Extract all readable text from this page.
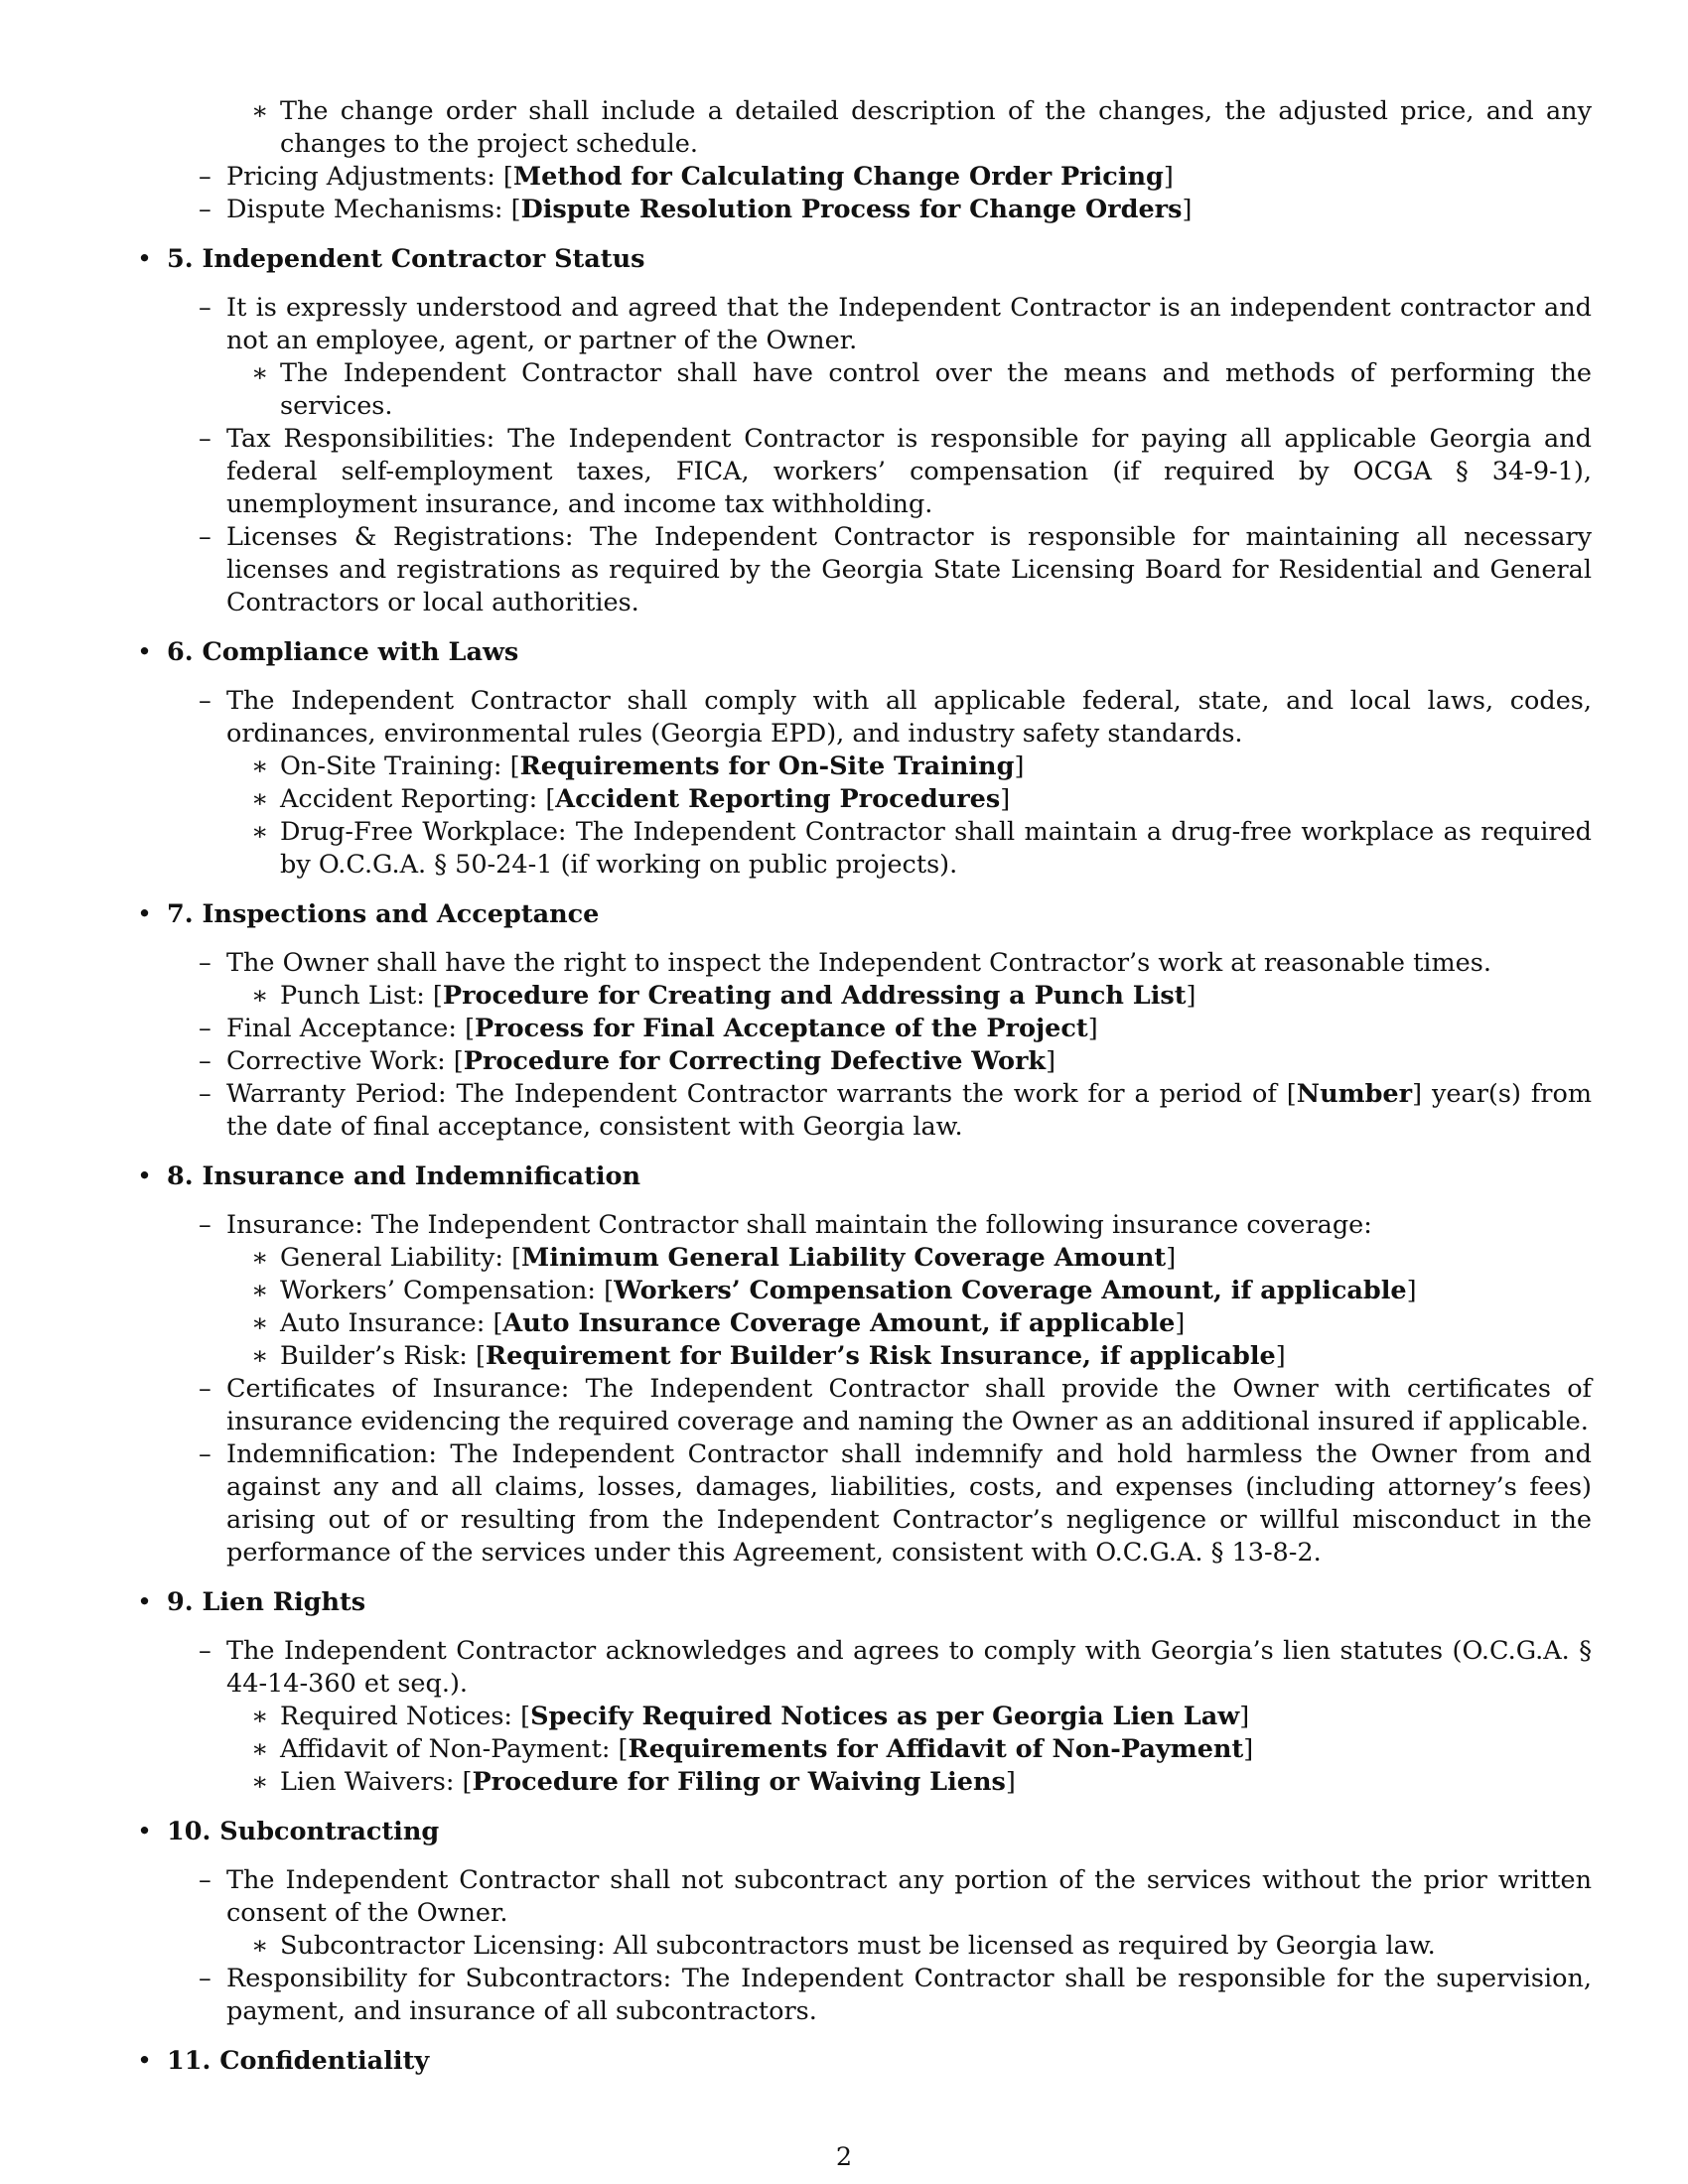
∗ The change order shall include a detailed description of the changes, the adjusted price, and any changes to the project schedule.
– Pricing Adjustments: [Method for Calculating Change Order Pricing]
– Dispute Mechanisms: [Dispute Resolution Process for Change Orders]
• 5. Independent Contractor Status
– It is expressly understood and agreed that the Independent Contractor is an independent contractor and not an employee, agent, or partner of the Owner.
∗ The Independent Contractor shall have control over the means and methods of performing the services.
– Tax Responsibilities: The Independent Contractor is responsible for paying all applicable Georgia and federal self-employment taxes, FICA, workers’ compensation (if required by OCGA § 34-9-1), unemployment insurance, and income tax withholding.
– Licenses & Registrations: The Independent Contractor is responsible for maintaining all necessary licenses and registrations as required by the Georgia State Licensing Board for Residential and General Contractors or local authorities.
• 6. Compliance with Laws
– The Independent Contractor shall comply with all applicable federal, state, and local laws, codes, ordinances, environmental rules (Georgia EPD), and industry safety standards.
∗ On-Site Training: [Requirements for On-Site Training]
∗ Accident Reporting: [Accident Reporting Procedures]
∗ Drug-Free Workplace: The Independent Contractor shall maintain a drug-free workplace as required by O.C.G.A. § 50-24-1 (if working on public projects).
• 7. Inspections and Acceptance
– The Owner shall have the right to inspect the Independent Contractor’s work at reasonable times.
∗ Punch List: [Procedure for Creating and Addressing a Punch List]
– Final Acceptance: [Process for Final Acceptance of the Project]
– Corrective Work: [Procedure for Correcting Defective Work]
– Warranty Period: The Independent Contractor warrants the work for a period of [Number] year(s) from the date of final acceptance, consistent with Georgia law.
• 8. Insurance and Indemnification
– Insurance: The Independent Contractor shall maintain the following insurance coverage:
∗ General Liability: [Minimum General Liability Coverage Amount]
∗ Workers’ Compensation: [Workers’ Compensation Coverage Amount, if applicable]
∗ Auto Insurance: [Auto Insurance Coverage Amount, if applicable]
∗ Builder’s Risk: [Requirement for Builder’s Risk Insurance, if applicable]
– Certificates of Insurance: The Independent Contractor shall provide the Owner with certificates of insurance evidencing the required coverage and naming the Owner as an additional insured if applicable.
– Indemnification: The Independent Contractor shall indemnify and hold harmless the Owner from and against any and all claims, losses, damages, liabilities, costs, and expenses (including attorney’s fees) arising out of or resulting from the Independent Contractor’s negligence or willful misconduct in the performance of the services under this Agreement, consistent with O.C.G.A. § 13-8-2.
• 9. Lien Rights
– The Independent Contractor acknowledges and agrees to comply with Georgia’s lien statutes (O.C.G.A. § 44-14-360 et seq.).
∗ Required Notices: [Specify Required Notices as per Georgia Lien Law]
∗ Affidavit of Non-Payment: [Requirements for Affidavit of Non-Payment]
∗ Lien Waivers: [Procedure for Filing or Waiving Liens]
• 10. Subcontracting
– The Independent Contractor shall not subcontract any portion of the services without the prior written consent of the Owner.
∗ Subcontractor Licensing: All subcontractors must be licensed as required by Georgia law.
– Responsibility for Subcontractors: The Independent Contractor shall be responsible for the supervision, payment, and insurance of all subcontractors.
• 11. Confidentiality
2
